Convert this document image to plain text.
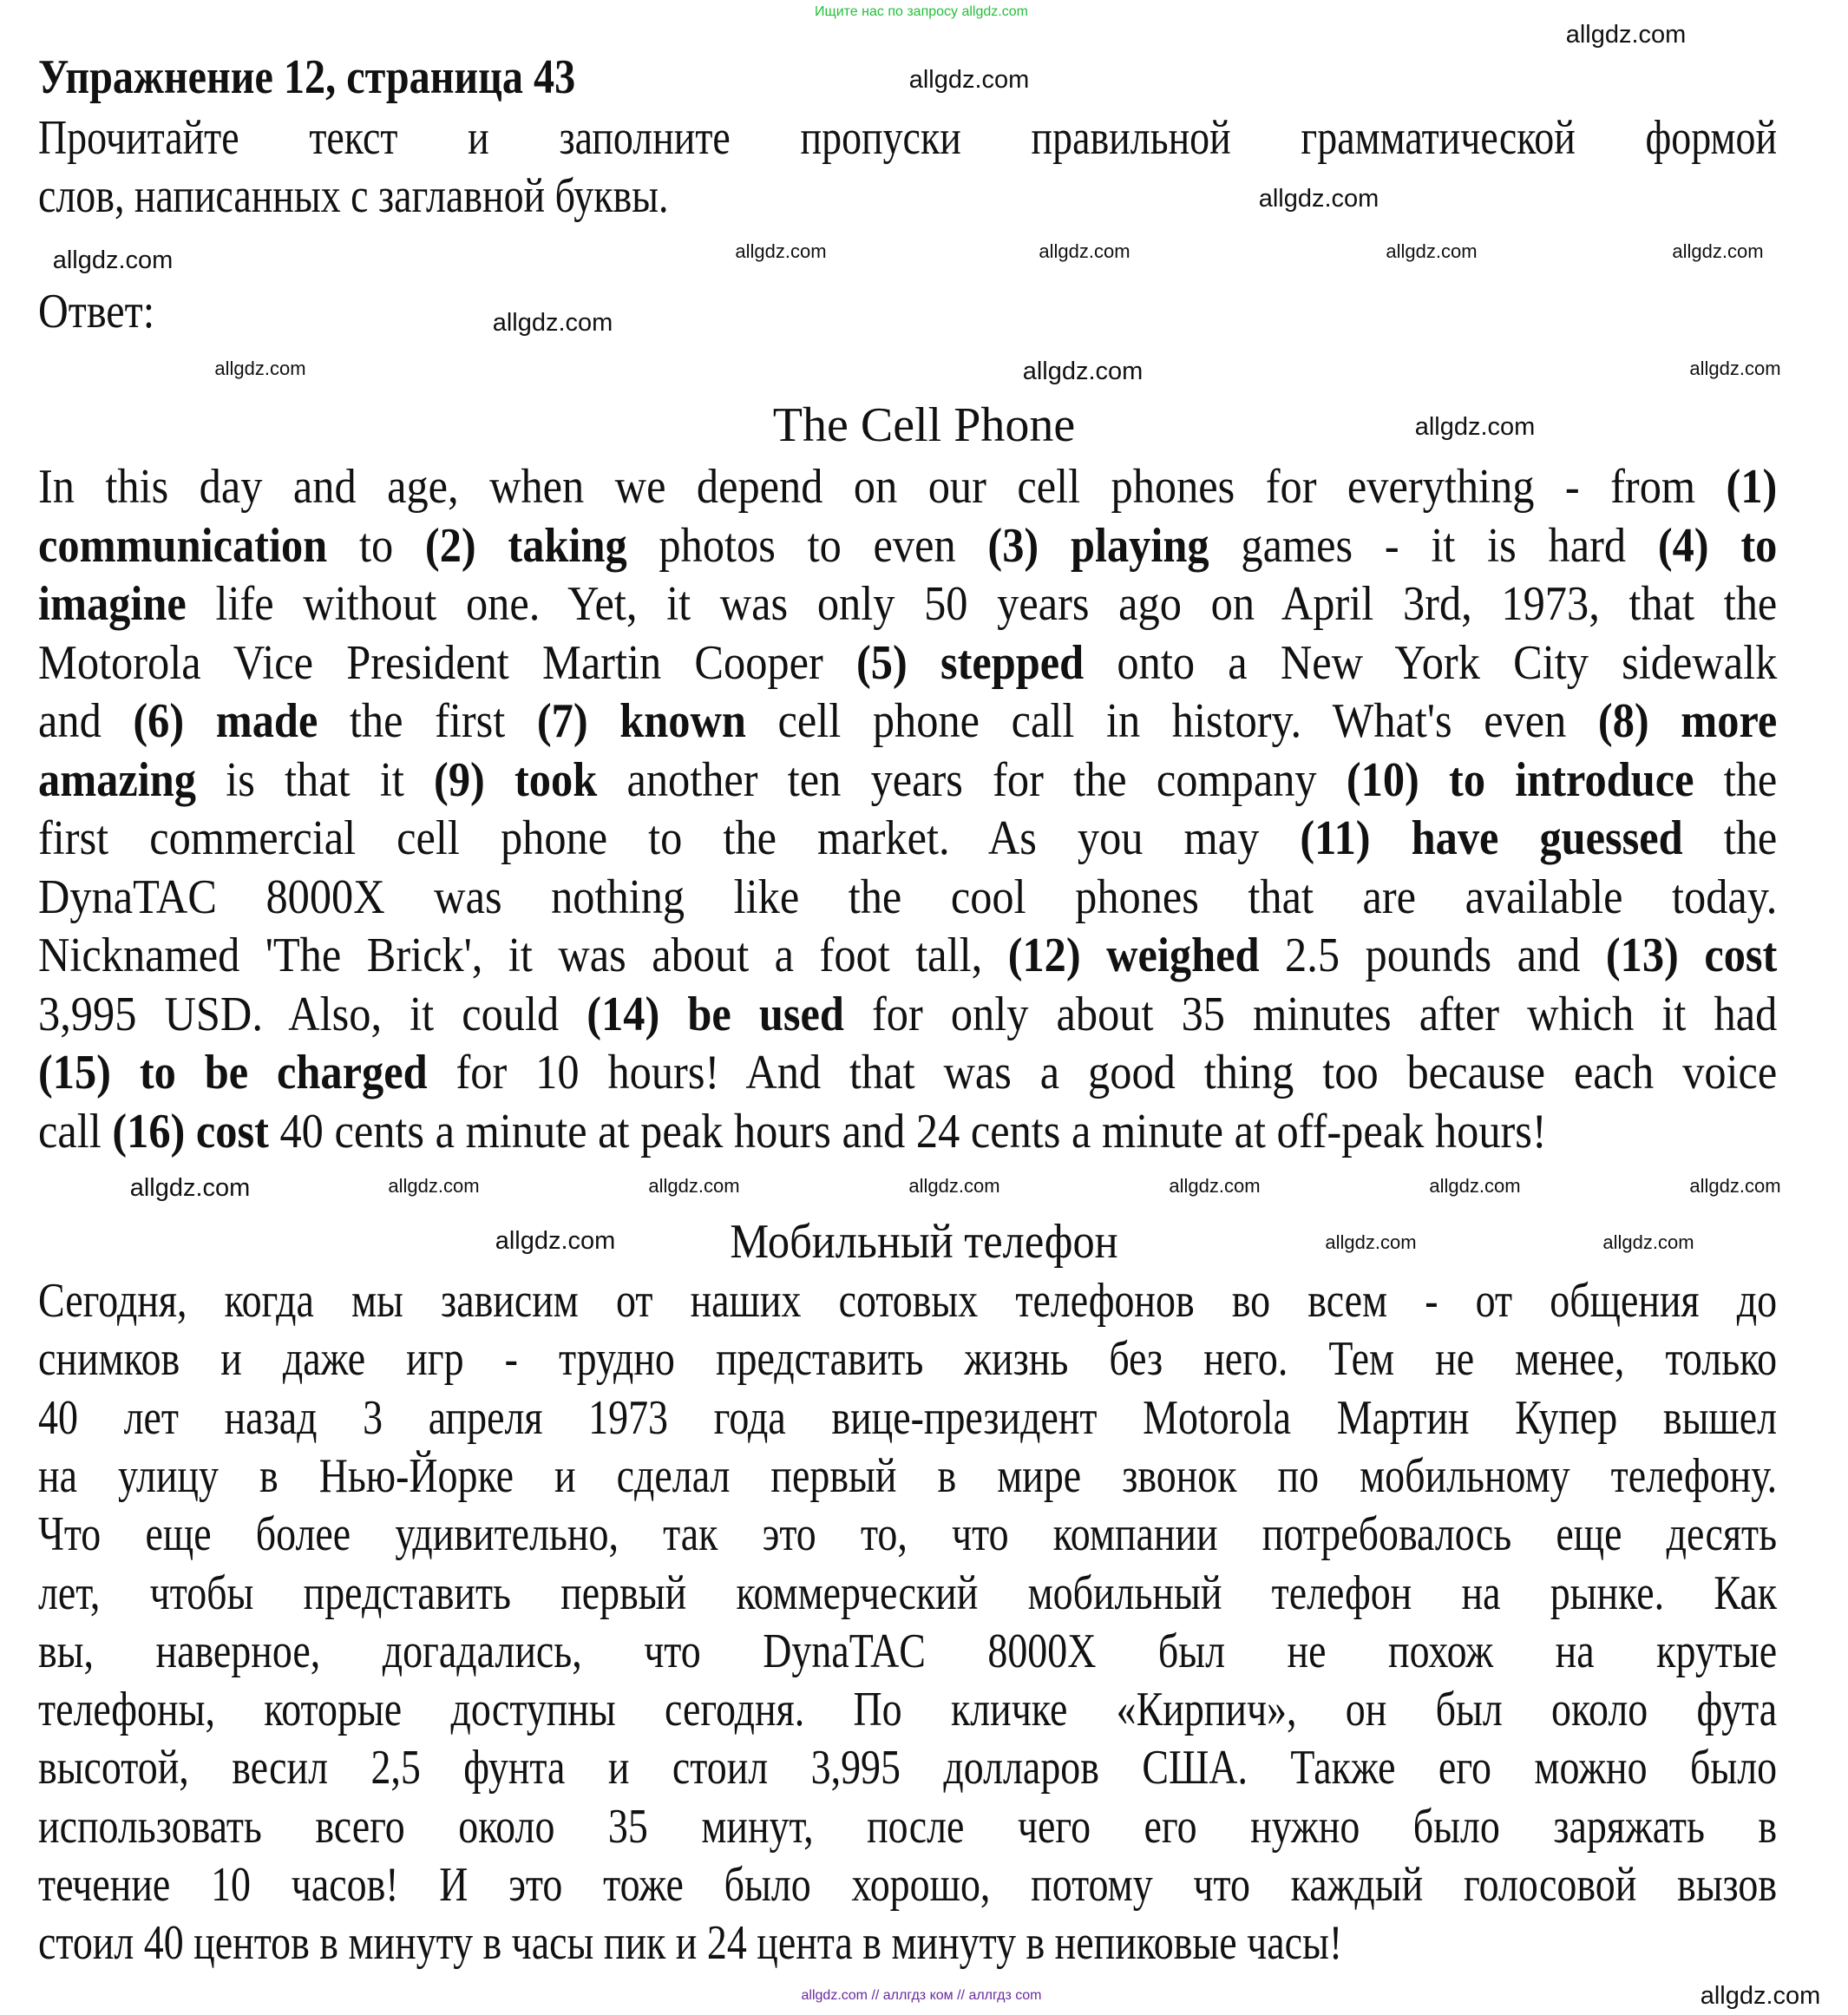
Ищите нас по запросу allgdz.com
Упражнение 12, страница 43
Прочитайте текст и заполните пропуски правильной грамматической формой
слов, написанных с заглавной буквы.
Ответ:
The Cell Phone
In this day and age, when we depend on our cell phones for everything - from (1)
communication to (2) taking photos to even (3) playing games - it is hard (4) to
imagine life without one. Yet, it was only 50 years ago on April 3rd, 1973, that the
Motorola Vice President Martin Cooper (5) stepped onto a New York City sidewalk
and (6) made the first (7) known cell phone call in history. What's even (8) more
amazing is that it (9) took another ten years for the company (10) to introduce the
first commercial cell phone to the market. As you may (11) have guessed the
DynaTAC 8000X was nothing like the cool phones that are available today.
Nicknamed 'The Brick', it was about a foot tall, (12) weighed 2.5 pounds and (13) cost
3,995 USD. Also, it could (14) be used for only about 35 minutes after which it had
(15) to be charged for 10 hours! And that was a good thing too because each voice
call (16) cost 40 cents a minute at peak hours and 24 cents a minute at off-peak hours!
Мобильный телефон
Сегодня, когда мы зависим от наших сотовых телефонов во всем - от общения до
снимков и даже игр - трудно представить жизнь без него. Тем не менее, только
40 лет назад 3 апреля 1973 года вице-президент Motorola Мартин Купер вышел
на улицу в Нью-Йорке и сделал первый в мире звонок по мобильному телефону.
Что еще более удивительно, так это то, что компании потребовалось еще десять
лет, чтобы представить первый коммерческий мобильный телефон на рынке. Как
вы, наверное, догадались, что DynaTAC 8000X был не похож на крутые
телефоны, которые доступны сегодня. По кличке «Кирпич», он был около фута
высотой, весил 2,5 фунта и стоил 3,995 долларов США. Также его можно было
использовать всего около 35 минут, после чего его нужно было заряжать в
течение 10 часов! И это тоже было хорошо, потому что каждый голосовой вызов
стоил 40 центов в минуту в часы пик и 24 цента в минуту в непиковые часы!
allgdz.com
allgdz.com
allgdz.com
allgdz.com
allgdz.com
allgdz.com
allgdz.com
allgdz.com	allgdz.com	allgdz.com	allgdz.com
allgdz.com	allgdz.com
allgdz.com
allgdz.com	allgdz.com
allgdz.com	allgdz.com	allgdz.com	allgdz.com	allgdz.com	allgdz.com
allgdz.com
allgdz.com
allgdz.com // аллгдз ком // аллгдз com
